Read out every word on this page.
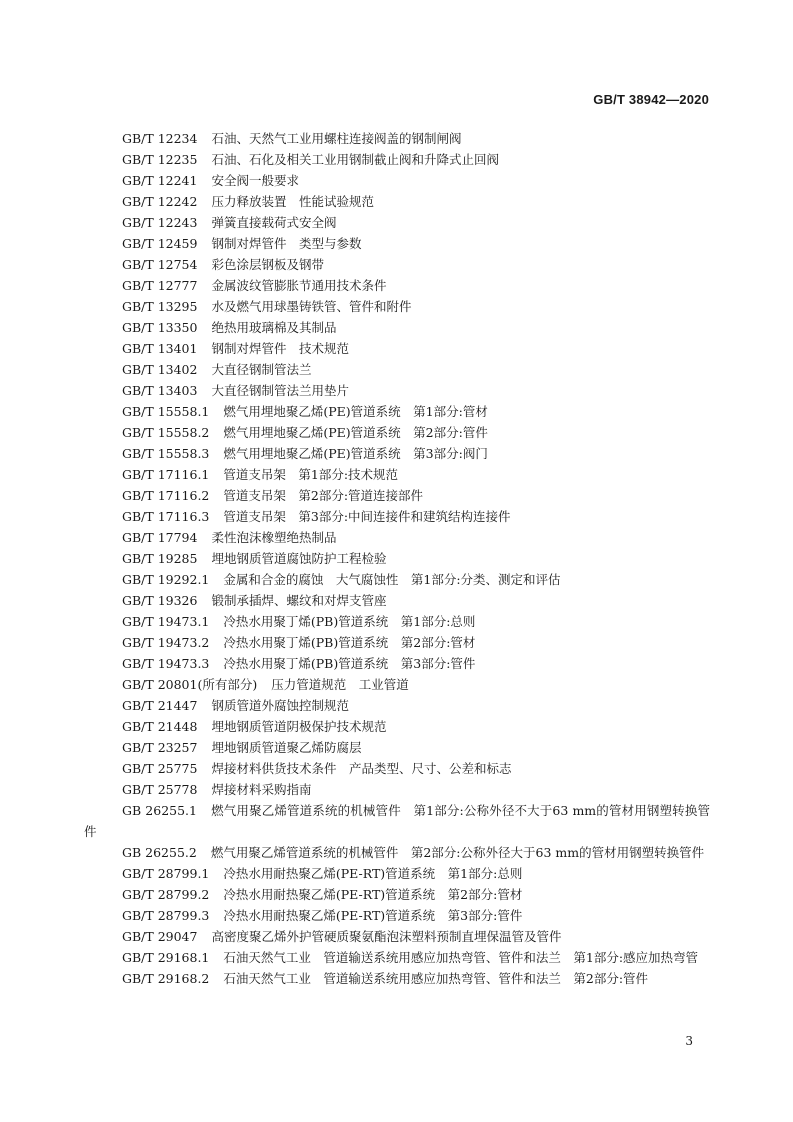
GB/T 38942—2020
GB/T 12234 石油、天然气工业用螺柱连接阀盖的钢制闸阀
GB/T 12235 石油、石化及相关工业用钢制截止阀和升降式止回阀
GB/T 12241 安全阀一般要求
GB/T 12242 压力释放装置　性能试验规范
GB/T 12243 弹簧直接载荷式安全阀
GB/T 12459 钢制对焊管件　类型与参数
GB/T 12754 彩色涂层钢板及钢带
GB/T 12777 金属波纹管膨胀节通用技术条件
GB/T 13295 水及燃气用球墨铸铁管、管件和附件
GB/T 13350 绝热用玻璃棉及其制品
GB/T 13401 钢制对焊管件　技术规范
GB/T 13402 大直径钢制管法兰
GB/T 13403 大直径钢制管法兰用垫片
GB/T 15558.1 燃气用埋地聚乙烯(PE)管道系统　第1部分:管材
GB/T 15558.2 燃气用埋地聚乙烯(PE)管道系统　第2部分:管件
GB/T 15558.3 燃气用埋地聚乙烯(PE)管道系统　第3部分:阀门
GB/T 17116.1 管道支吊架　第1部分:技术规范
GB/T 17116.2 管道支吊架　第2部分:管道连接部件
GB/T 17116.3 管道支吊架　第3部分:中间连接件和建筑结构连接件
GB/T 17794 柔性泡沫橡塑绝热制品
GB/T 19285 埋地钢质管道腐蚀防护工程检验
GB/T 19292.1 金属和合金的腐蚀　大气腐蚀性　第1部分:分类、测定和评估
GB/T 19326 锻制承插焊、螺纹和对焊支管座
GB/T 19473.1 冷热水用聚丁烯(PB)管道系统　第1部分:总则
GB/T 19473.2 冷热水用聚丁烯(PB)管道系统　第2部分:管材
GB/T 19473.3 冷热水用聚丁烯(PB)管道系统　第3部分:管件
GB/T 20801(所有部分) 压力管道规范　工业管道
GB/T 21447 钢质管道外腐蚀控制规范
GB/T 21448 埋地钢质管道阴极保护技术规范
GB/T 23257 埋地钢质管道聚乙烯防腐层
GB/T 25775 焊接材料供货技术条件　产品类型、尺寸、公差和标志
GB/T 25778 焊接材料采购指南
GB 26255.1 燃气用聚乙烯管道系统的机械管件　第1部分:公称外径不大于63 mm的管材用钢塑转换管件
GB 26255.2 燃气用聚乙烯管道系统的机械管件　第2部分:公称外径大于63 mm的管材用钢塑转换管件
GB/T 28799.1 冷热水用耐热聚乙烯(PE-RT)管道系统　第1部分:总则
GB/T 28799.2 冷热水用耐热聚乙烯(PE-RT)管道系统　第2部分:管材
GB/T 28799.3 冷热水用耐热聚乙烯(PE-RT)管道系统　第3部分:管件
GB/T 29047 高密度聚乙烯外护管硬质聚氨酯泡沫塑料预制直埋保温管及管件
GB/T 29168.1 石油天然气工业　管道输送系统用感应加热弯管、管件和法兰　第1部分:感应加热弯管
GB/T 29168.2 石油天然气工业　管道输送系统用感应加热弯管、管件和法兰　第2部分:管件
3
